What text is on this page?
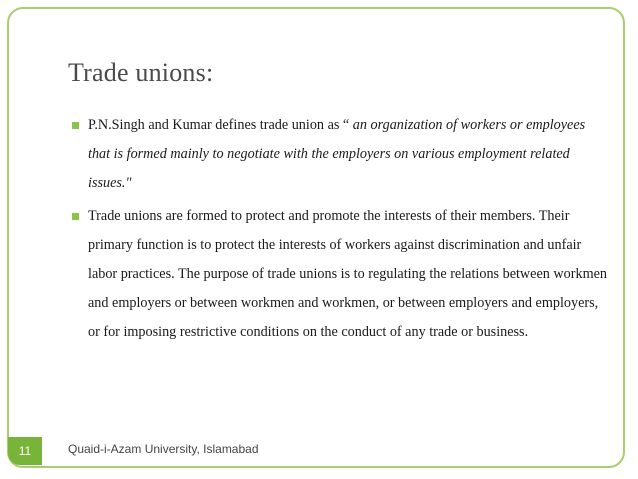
Trade unions:
P.N.Singh and Kumar defines trade union as “ an organization of workers or employees that is formed mainly to negotiate with the employers on various employment related issues."
Trade unions are formed to protect and promote the interests of their members. Their primary function is to protect the interests of workers against discrimination and unfair labor practices. The purpose of trade unions is to regulating the relations between workmen and employers or between workmen and workmen, or between employers and employers, or for imposing restrictive conditions on the conduct of any trade or business.
11	Quaid-i-Azam University, Islamabad
